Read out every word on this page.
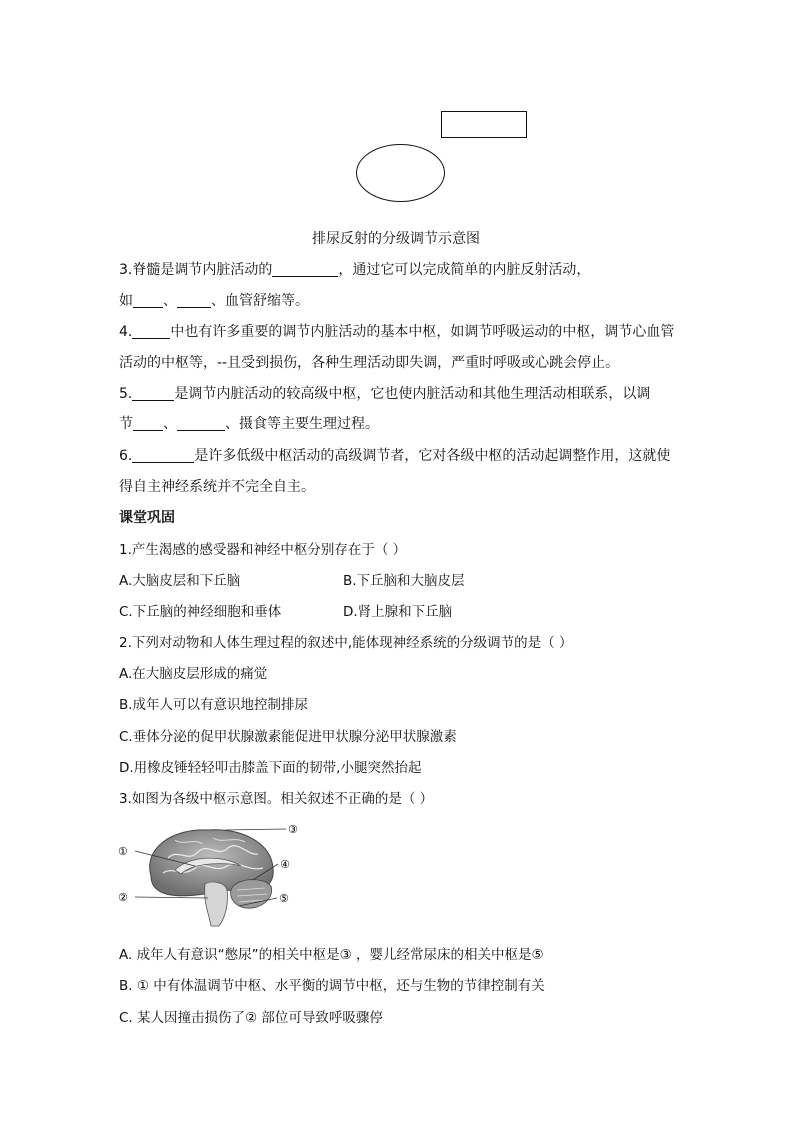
排尿反射的分级调节示意图
3.脊髓是调节内脏活动的	，通过它可以完成简单的内脏反射活动，
如 、 、血管舒缩等。
4.	中也有许多重要的调节内脏活动的基本中枢，如调节呼吸运动的中枢，调节心血管
活动的中枢等，--且受到损伤，各种生理活动即失调，严重时呼吸或心跳会停止。
5.	是调节内脏活动的较高级中枢，它也使内脏活动和其他生理活动相联系，以调
节 、	、摄食等主要生理过程。
6.	是许多低级中枢活动的高级调节者，它对各级中枢的活动起调整作用，这就使
得自主神经系统并不完全自主。
课堂巩固
1.产生渴感的感受器和神经中枢分别存在于（ ）
A.大脑皮层和下丘脑	B.下丘脑和大脑皮层
C.下丘脑的神经细胞和垂体	D.肾上腺和下丘脑
2.下列对动物和人体生理过程的叙述中,能体现神经系统的分级调节的是（ ）
A.在大脑皮层形成的痛觉
B.成年人可以有意识地控制排尿
C.垂体分泌的促甲状腺激素能促进甲状腺分泌甲状腺激素
D.用橡皮锤轻轻叩击膝盖下面的韧带,小腿突然抬起
3.如图为各级中枢示意图。相关叙述不正确的是（ ）
①
②
③
④
⑤
A. 成年人有意识“憋尿”的相关中枢是③ ，婴儿经常尿床的相关中枢是⑤
B. ① 中有体温调节中枢、水平衡的调节中枢，还与生物的节律控制有关
C. 某人因撞击损伤了② 部位可导致呼吸骤停
